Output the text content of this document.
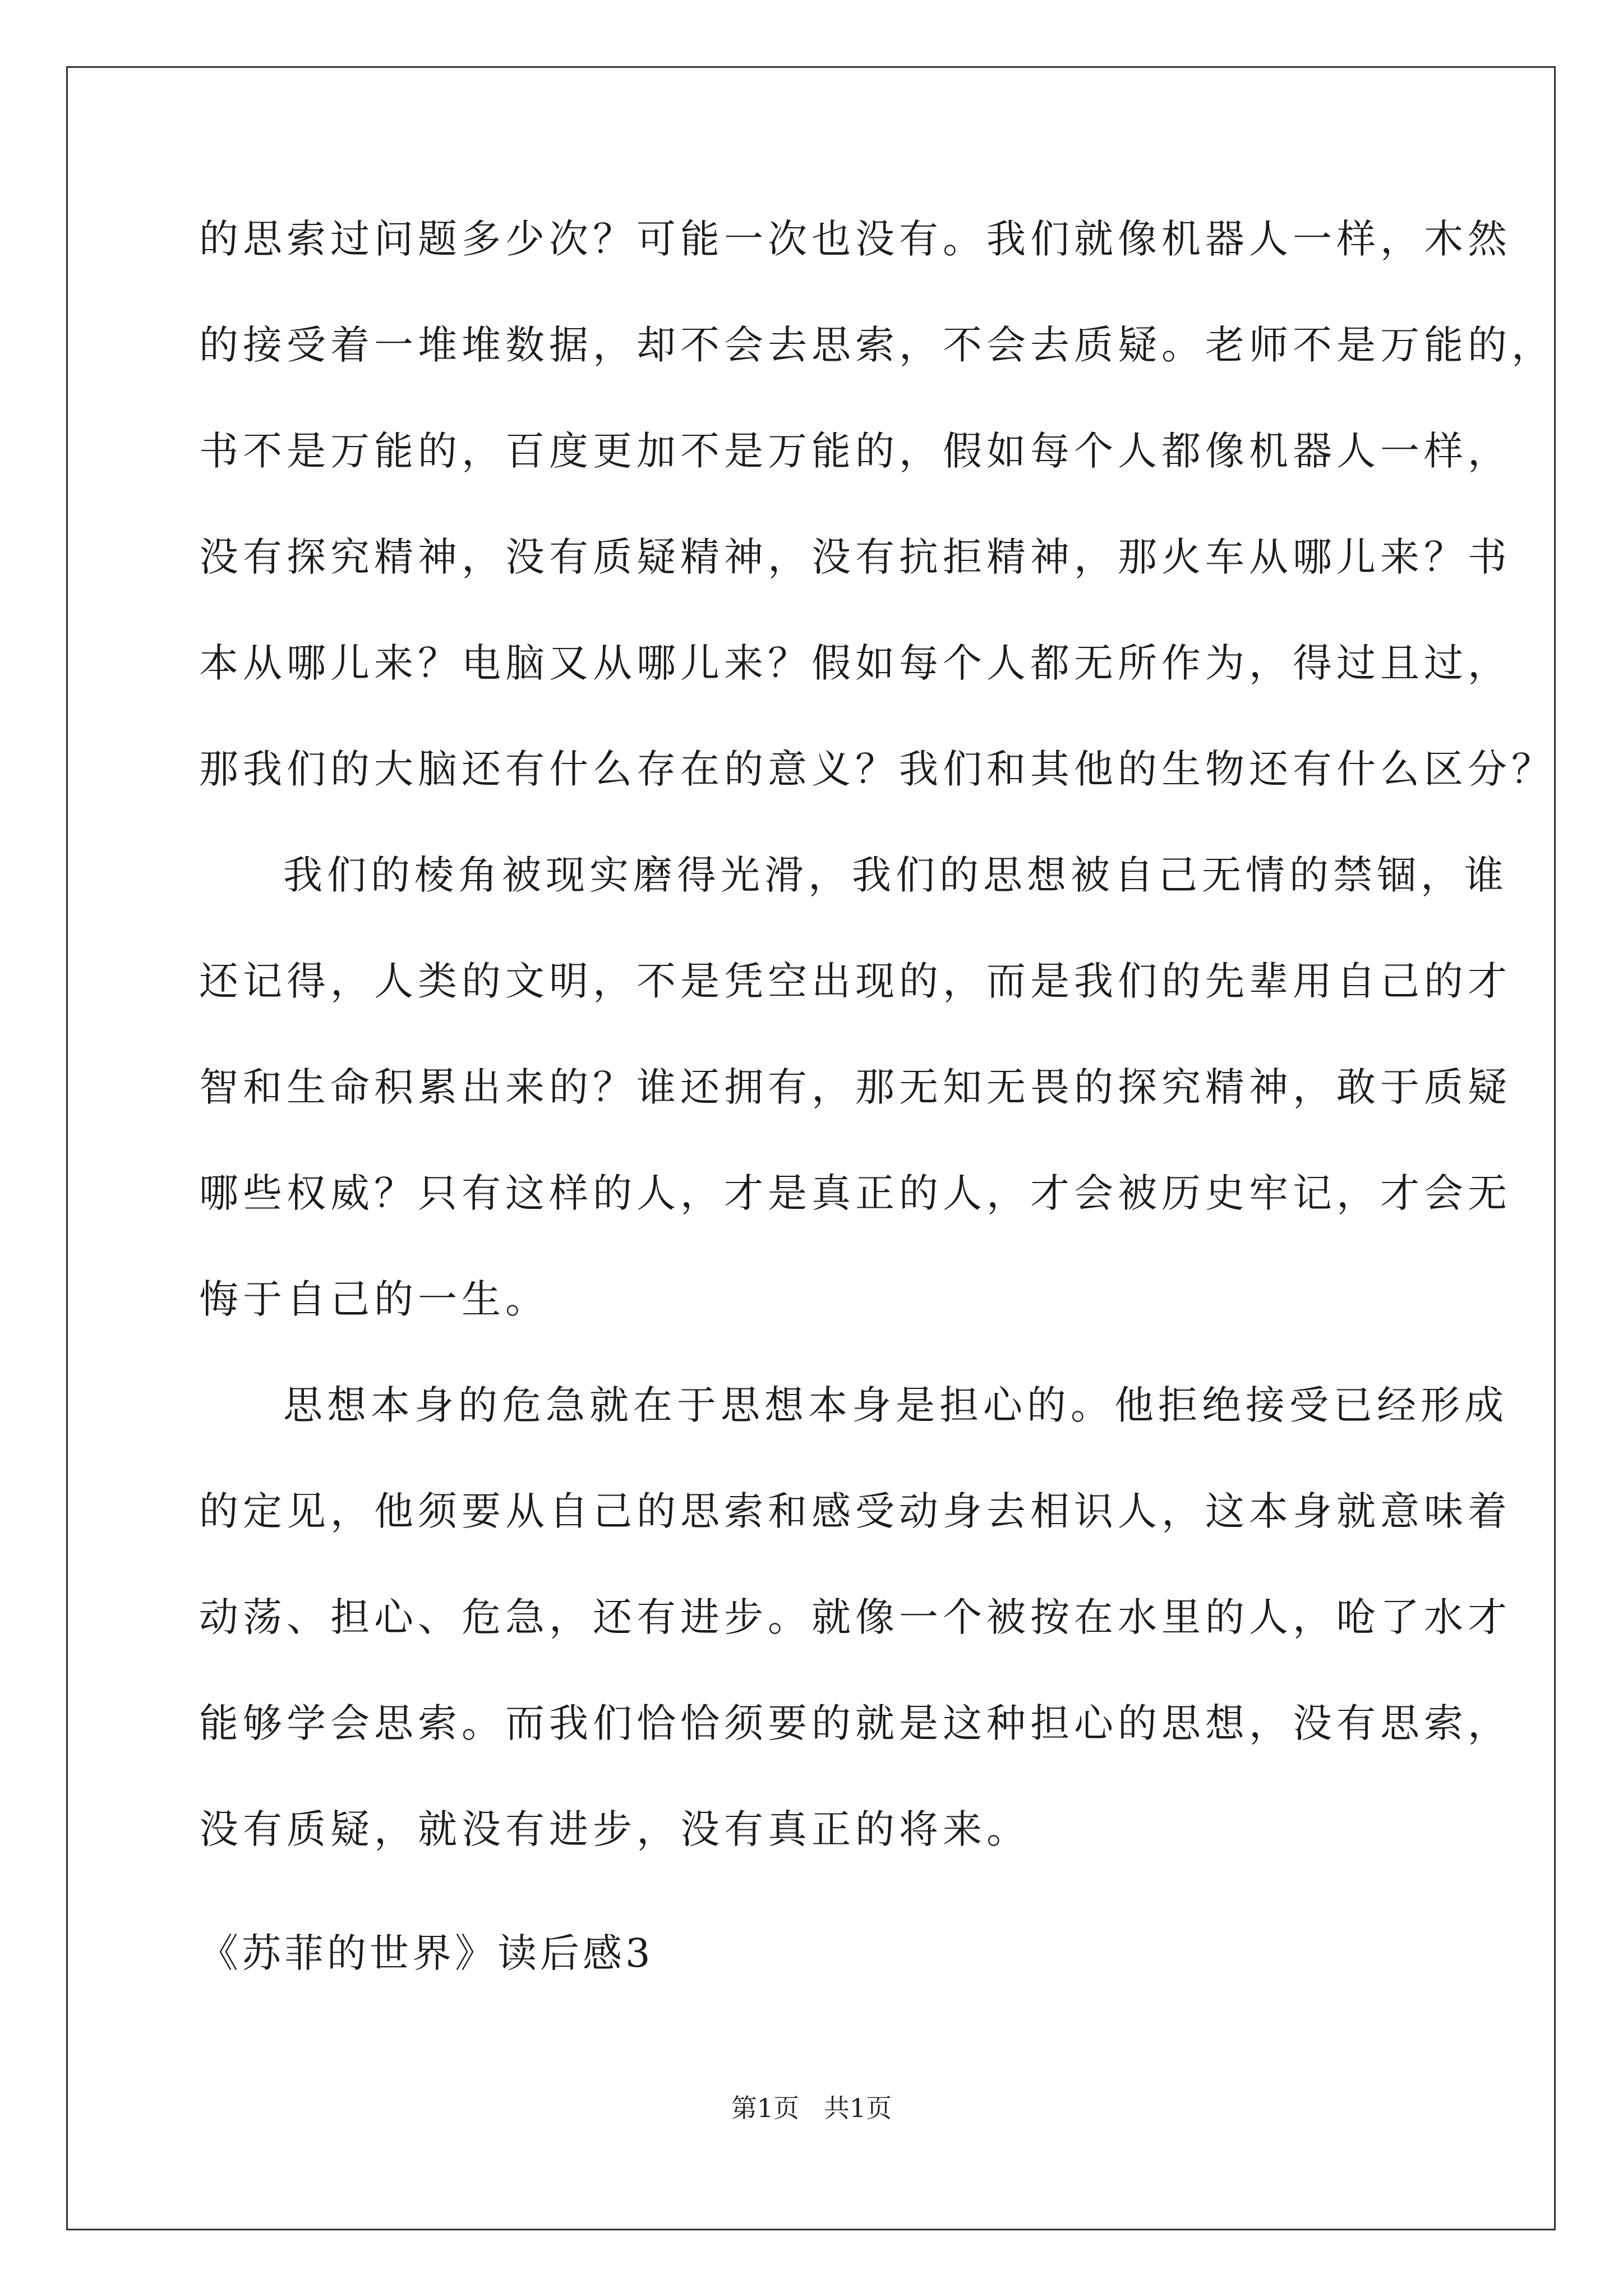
的思索过问题多少次？可能一次也没有。我们就像机器人一样，木然
的接受着一堆堆数据，却不会去思索，不会去质疑。老师不是万能的，
书不是万能的，百度更加不是万能的，假如每个人都像机器人一样，
没有探究精神，没有质疑精神，没有抗拒精神，那火车从哪儿来？书
本从哪儿来？电脑又从哪儿来？假如每个人都无所作为，得过且过，
那我们的大脑还有什么存在的意义？我们和其他的生物还有什么区分？
我们的棱角被现实磨得光滑，我们的思想被自己无情的禁锢，谁
还记得，人类的文明，不是凭空出现的，而是我们的先辈用自己的才
智和生命积累出来的？谁还拥有，那无知无畏的探究精神，敢于质疑
哪些权威？只有这样的人，才是真正的人，才会被历史牢记，才会无
悔于自己的一生。
思想本身的危急就在于思想本身是担心的。他拒绝接受已经形成
的定见，他须要从自己的思索和感受动身去相识人，这本身就意味着
动荡、担心、危急，还有进步。就像一个被按在水里的人，呛了水才
能够学会思索。而我们恰恰须要的就是这种担心的思想，没有思索，
没有质疑，就没有进步，没有真正的将来。
《苏菲的世界》读后感3
第1页   共1页
